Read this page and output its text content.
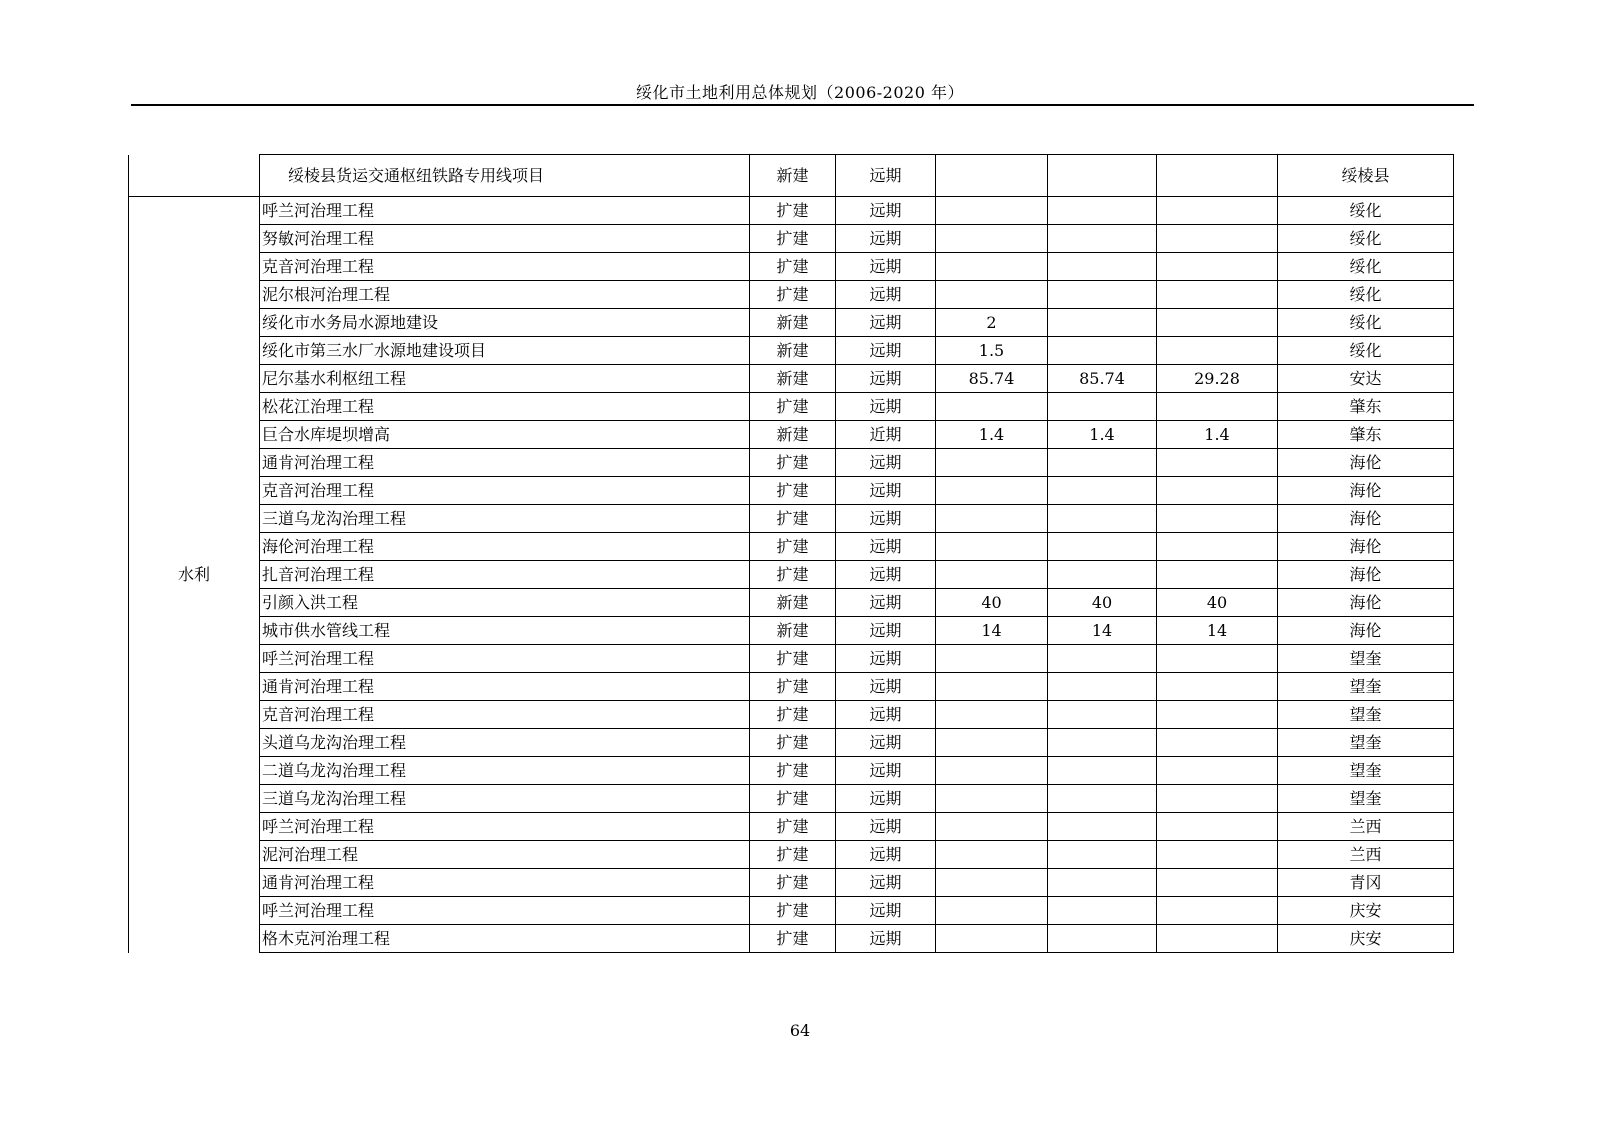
绥化市土地利用总体规划（2006-2020 年）
	绥棱县货运交通枢纽铁路专用线项目	新建	远期				绥棱县
水利	呼兰河治理工程	扩建	远期				绥化
	努敏河治理工程	扩建	远期				绥化
	克音河治理工程	扩建	远期				绥化
	泥尔根河治理工程	扩建	远期				绥化
	绥化市水务局水源地建设	新建	远期	2			绥化
	绥化市第三水厂水源地建设项目	新建	远期	1.5			绥化
	尼尔基水利枢纽工程	新建	远期	85.74	85.74	29.28	安达
	松花江治理工程	扩建	远期				肇东
	巨合水库堤坝增高	新建	近期	1.4	1.4	1.4	肇东
	通肯河治理工程	扩建	远期				海伦
	克音河治理工程	扩建	远期				海伦
	三道乌龙沟治理工程	扩建	远期				海伦
	海伦河治理工程	扩建	远期				海伦
	扎音河治理工程	扩建	远期				海伦
	引颜入洪工程	新建	远期	40	40	40	海伦
	城市供水管线工程	新建	远期	14	14	14	海伦
	呼兰河治理工程	扩建	远期				望奎
	通肯河治理工程	扩建	远期				望奎
	克音河治理工程	扩建	远期				望奎
	头道乌龙沟治理工程	扩建	远期				望奎
	二道乌龙沟治理工程	扩建	远期				望奎
	三道乌龙沟治理工程	扩建	远期				望奎
	呼兰河治理工程	扩建	远期				兰西
	泥河治理工程	扩建	远期				兰西
	通肯河治理工程	扩建	远期				青冈
	呼兰河治理工程	扩建	远期				庆安
	格木克河治理工程	扩建	远期				庆安
64
